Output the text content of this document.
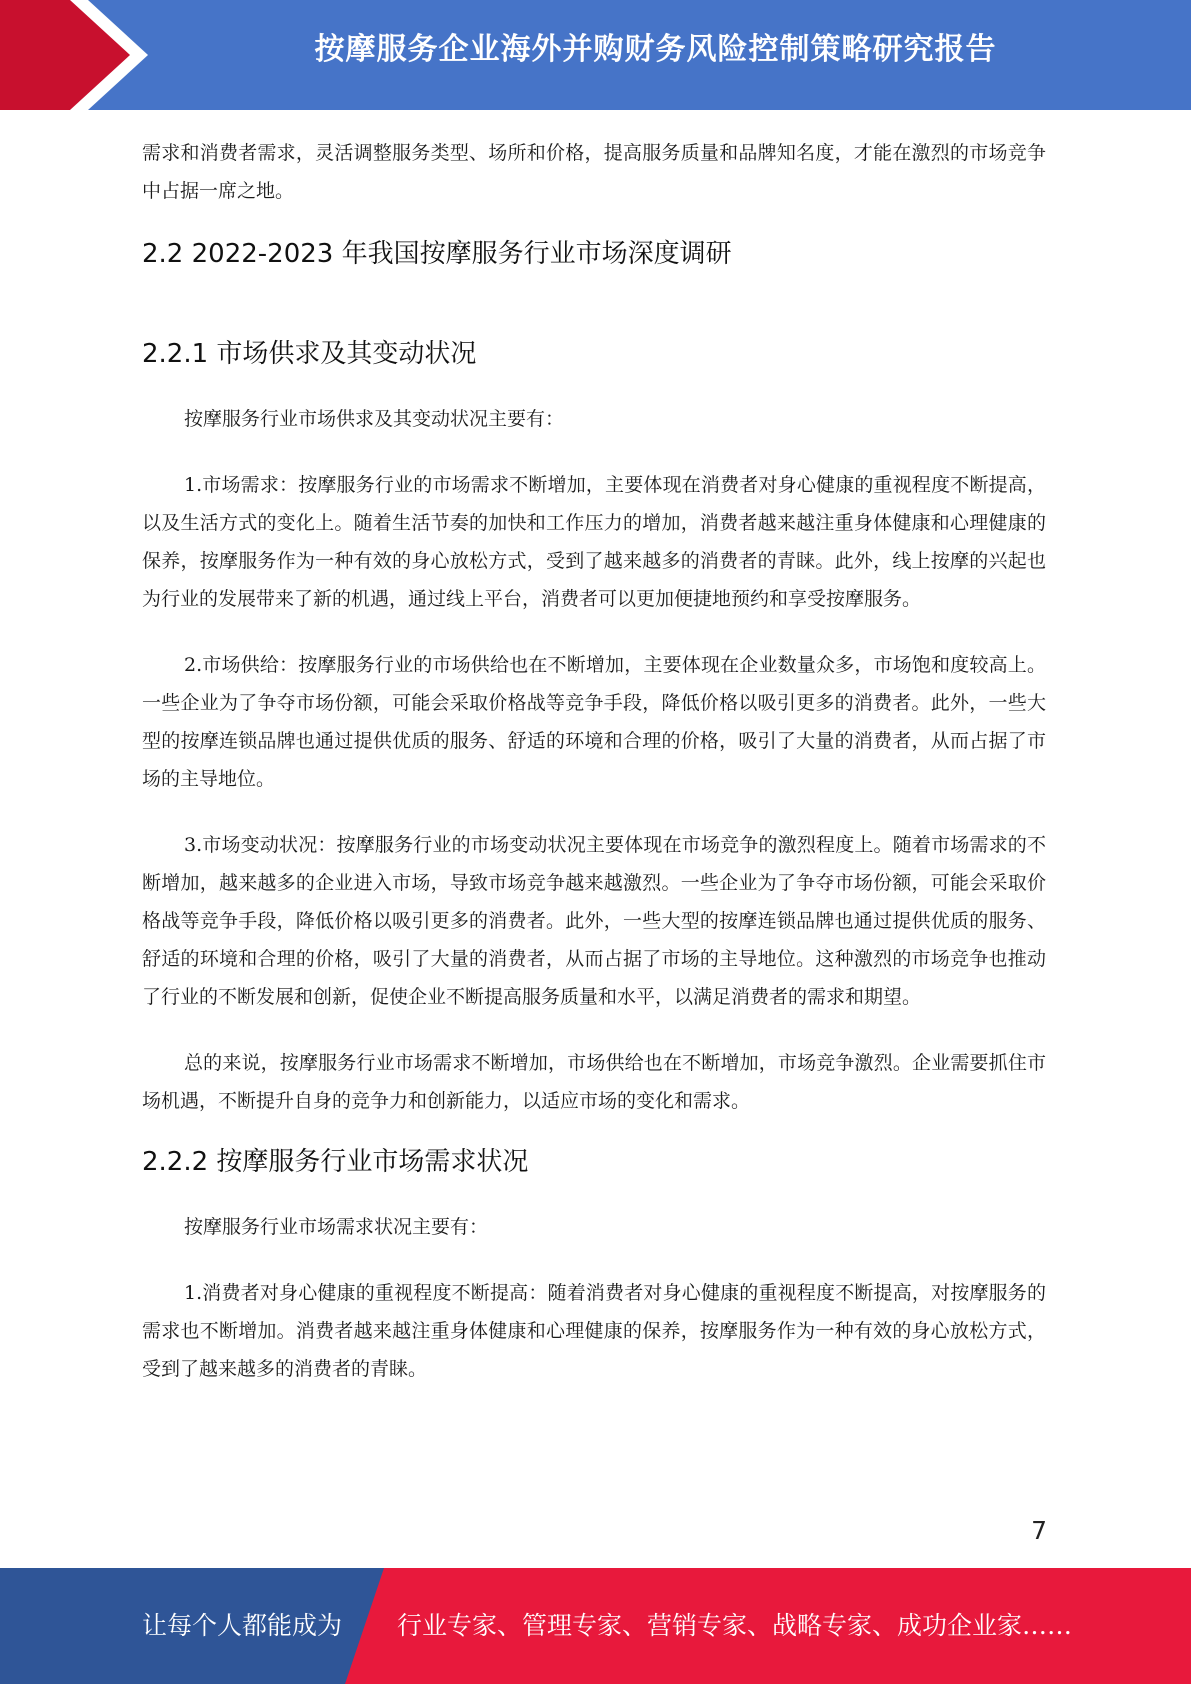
按摩服务企业海外并购财务风险控制策略研究报告

需求和消费者需求，灵活调整服务类型、场所和价格，提高服务质量和品牌知名度，才能在激烈的市场竞争中占据一席之地。

2.2 2022-2023 年我国按摩服务行业市场深度调研
2.2.1 市场供求及其变动状况

按摩服务行业市场供求及其变动状况主要有：

1.市场需求：按摩服务行业的市场需求不断增加，主要体现在消费者对身心健康的重视程度不断提高，以及生活方式的变化上。随着生活节奏的加快和工作压力的增加，消费者越来越注重身体健康和心理健康的保养，按摩服务作为一种有效的身心放松方式，受到了越来越多的消费者的青睐。此外，线上按摩的兴起也为行业的发展带来了新的机遇，通过线上平台，消费者可以更加便捷地预约和享受按摩服务。

2.市场供给：按摩服务行业的市场供给也在不断增加，主要体现在企业数量众多，市场饱和度较高上。一些企业为了争夺市场份额，可能会采取价格战等竞争手段，降低价格以吸引更多的消费者。此外，一些大型的按摩连锁品牌也通过提供优质的服务、舒适的环境和合理的价格，吸引了大量的消费者，从而占据了市场的主导地位。

3.市场变动状况：按摩服务行业的市场变动状况主要体现在市场竞争的激烈程度上。随着市场需求的不断增加，越来越多的企业进入市场，导致市场竞争越来越激烈。一些企业为了争夺市场份额，可能会采取价格战等竞争手段，降低价格以吸引更多的消费者。此外，一些大型的按摩连锁品牌也通过提供优质的服务、舒适的环境和合理的价格，吸引了大量的消费者，从而占据了市场的主导地位。这种激烈的市场竞争也推动了行业的不断发展和创新，促使企业不断提高服务质量和水平，以满足消费者的需求和期望。

总的来说，按摩服务行业市场需求不断增加，市场供给也在不断增加，市场竞争激烈。企业需要抓住市场机遇，不断提升自身的竞争力和创新能力，以适应市场的变化和需求。

2.2.2 按摩服务行业市场需求状况

按摩服务行业市场需求状况主要有：

1.消费者对身心健康的重视程度不断提高：随着消费者对身心健康的重视程度不断提高，对按摩服务的需求也不断增加。消费者越来越注重身体健康和心理健康的保养，按摩服务作为一种有效的身心放松方式，受到了越来越多的消费者的青睐。

7
让每个人都能成为 行业专家、管理专家、营销专家、战略专家、成功企业家……
